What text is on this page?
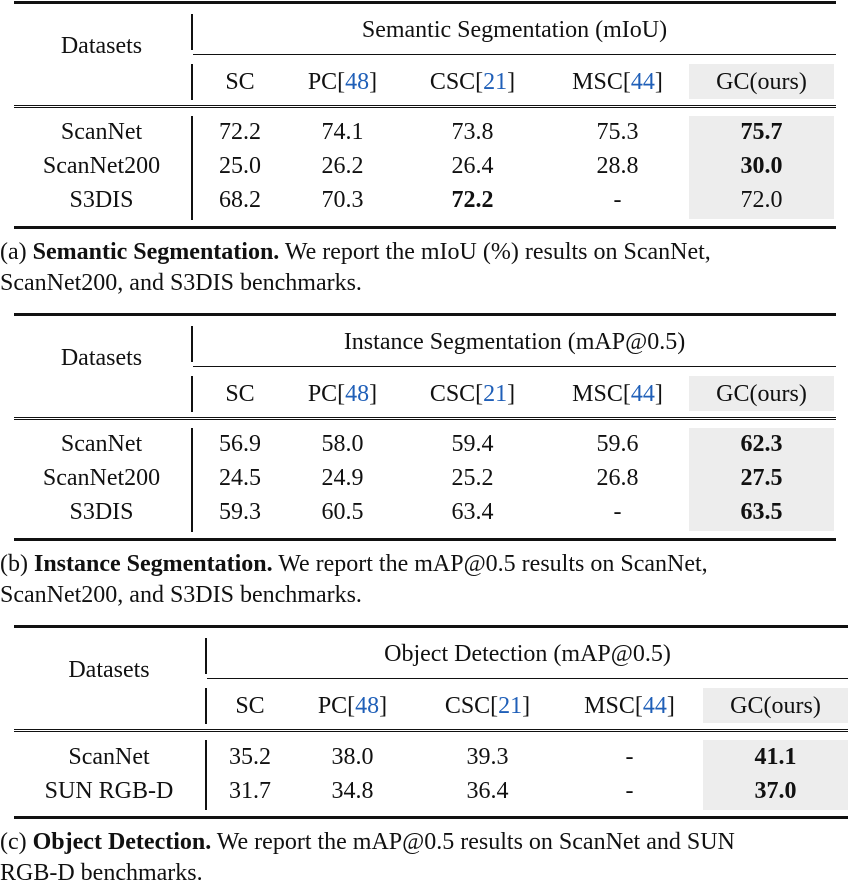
Datasets
Semantic Segmentation (mIoU)
SC	PC[48]	CSC[21]	MSC[44]	GC(ours)
ScanNet	72.2	74.1	73.8	75.3	75.7
ScanNet200	25.0	26.2	26.4	28.8	30.0
S3DIS	68.2	70.3	72.2	-	72.0
(a) Semantic Segmentation. We report the mIoU (%) results on ScanNet,
ScanNet200, and S3DIS benchmarks.
Datasets
Instance Segmentation (mAP@0.5)
SC	PC[48]	CSC[21]	MSC[44]	GC(ours)
ScanNet	56.9	58.0	59.4	59.6	62.3
ScanNet200	24.5	24.9	25.2	26.8	27.5
S3DIS	59.3	60.5	63.4	-	63.5
(b) Instance Segmentation. We report the mAP@0.5 results on ScanNet,
ScanNet200, and S3DIS benchmarks.
Datasets
Object Detection (mAP@0.5)
SC	PC[48]	CSC[21]	MSC[44]	GC(ours)
ScanNet	35.2	38.0	39.3	-	41.1
SUN RGB-D	31.7	34.8	36.4	-	37.0
(c) Object Detection. We report the mAP@0.5 results on ScanNet and SUN
RGB-D benchmarks.
